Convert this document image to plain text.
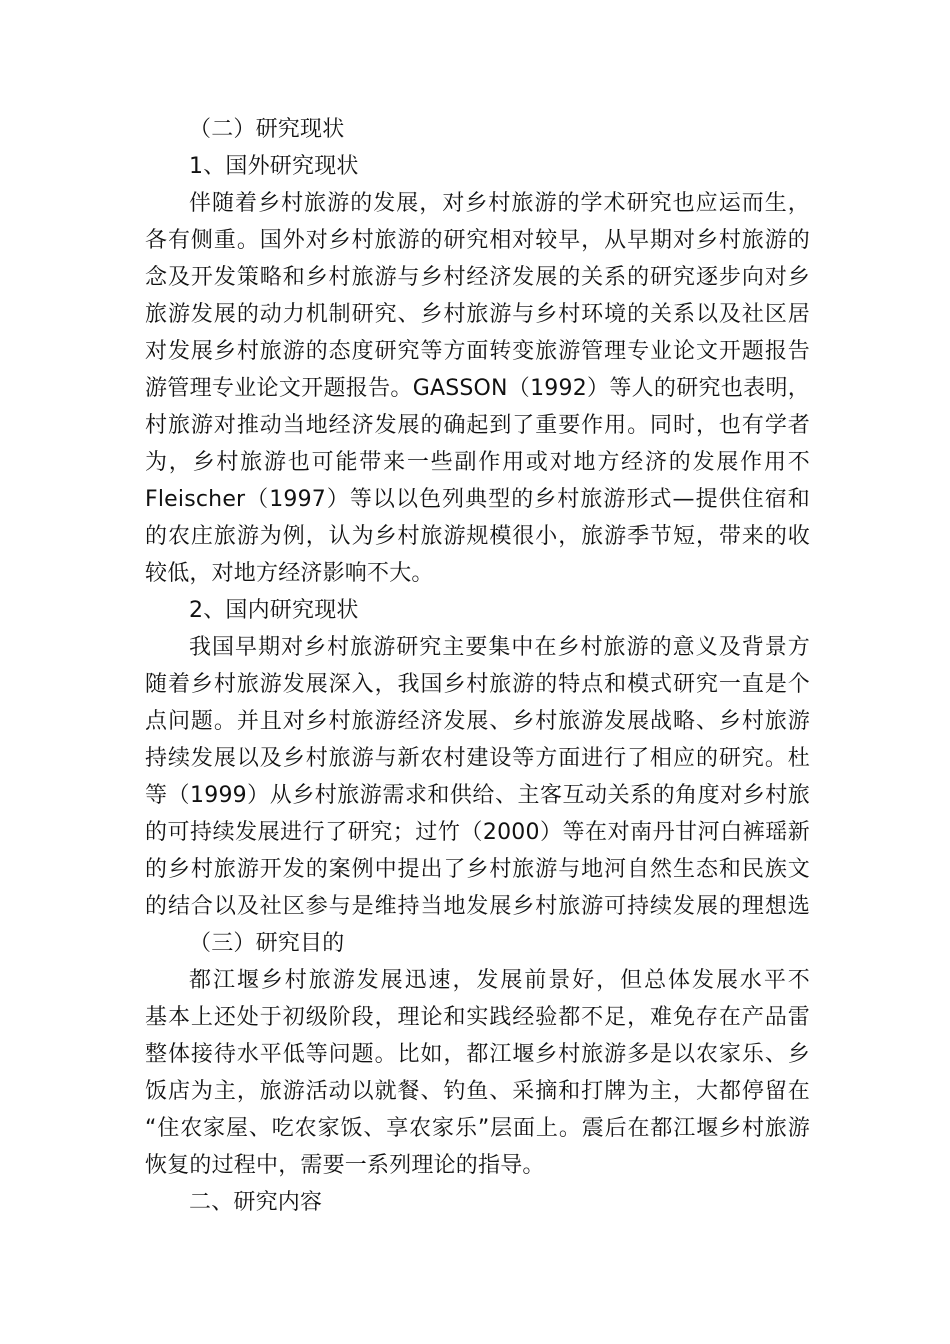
（二）研究现状
1、国外研究现状
伴随着乡村旅游的发展，对乡村旅游的学术研究也应运而生，
各有侧重。国外对乡村旅游的研究相对较早，从早期对乡村旅游的
念及开发策略和乡村旅游与乡村经济发展的关系的研究逐步向对乡
旅游发展的动力机制研究、乡村旅游与乡村环境的关系以及社区居
对发展乡村旅游的态度研究等方面转变旅游管理专业论文开题报告
游管理专业论文开题报告。GASSON（1992）等人的研究也表明，
村旅游对推动当地经济发展的确起到了重要作用。同时，也有学者
为，乡村旅游也可能带来一些副作用或对地方经济的发展作用不
Fleischer（1997）等以以色列典型的乡村旅游形式—提供住宿和
的农庄旅游为例，认为乡村旅游规模很小，旅游季节短，带来的收
较低，对地方经济影响不大。
2、国内研究现状
我国早期对乡村旅游研究主要集中在乡村旅游的意义及背景方
随着乡村旅游发展深入，我国乡村旅游的特点和模式研究一直是个
点问题。并且对乡村旅游经济发展、乡村旅游发展战略、乡村旅游
持续发展以及乡村旅游与新农村建设等方面进行了相应的研究。杜
等（1999）从乡村旅游需求和供给、主客互动关系的角度对乡村旅
的可持续发展进行了研究；过竹（2000）等在对南丹甘河白裤瑶新
的乡村旅游开发的案例中提出了乡村旅游与地河自然生态和民族文
的结合以及社区参与是维持当地发展乡村旅游可持续发展的理想选
（三）研究目的
都江堰乡村旅游发展迅速，发展前景好，但总体发展水平不
基本上还处于初级阶段，理论和实践经验都不足，难免存在产品雷
整体接待水平低等问题。比如，都江堰乡村旅游多是以农家乐、乡
饭店为主，旅游活动以就餐、钓鱼、采摘和打牌为主，大都停留在
“住农家屋、吃农家饭、享农家乐”层面上。震后在都江堰乡村旅游
恢复的过程中，需要一系列理论的指导。
二、研究内容
